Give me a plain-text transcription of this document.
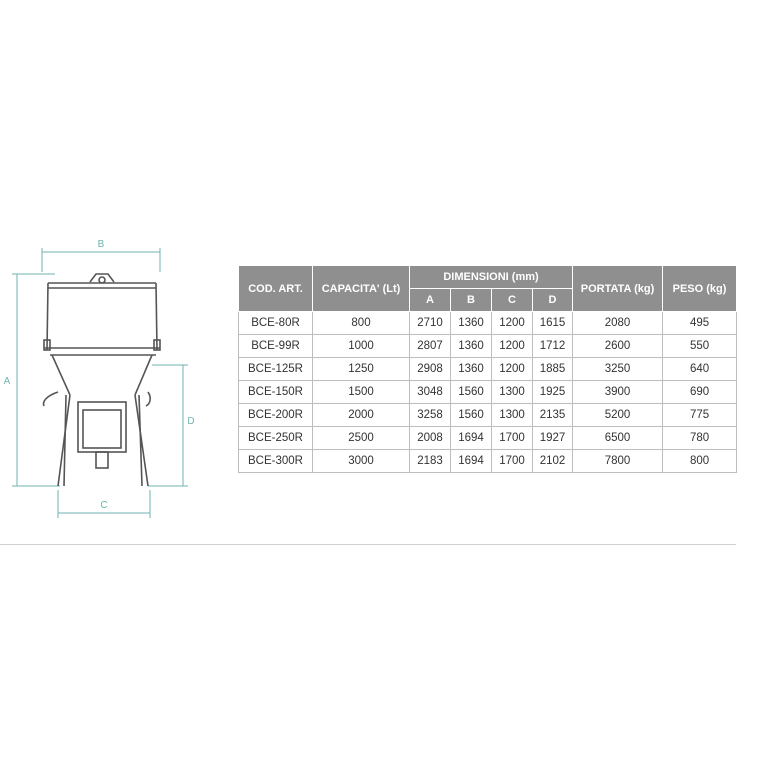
B
A
D
C
COD. ART.	CAPACITA' (Lt)	DIMENSIONI (mm)				PORTATA (kg)	PESO (kg)
		A	B	C	D		
BCE-80R	800	2710	1360	1200	1615	2080	495
BCE-99R	1000	2807	1360	1200	1712	2600	550
BCE-125R	1250	2908	1360	1200	1885	3250	640
BCE-150R	1500	3048	1560	1300	1925	3900	690
BCE-200R	2000	3258	1560	1300	2135	5200	775
BCE-250R	2500	2008	1694	1700	1927	6500	780
BCE-300R	3000	2183	1694	1700	2102	7800	800
